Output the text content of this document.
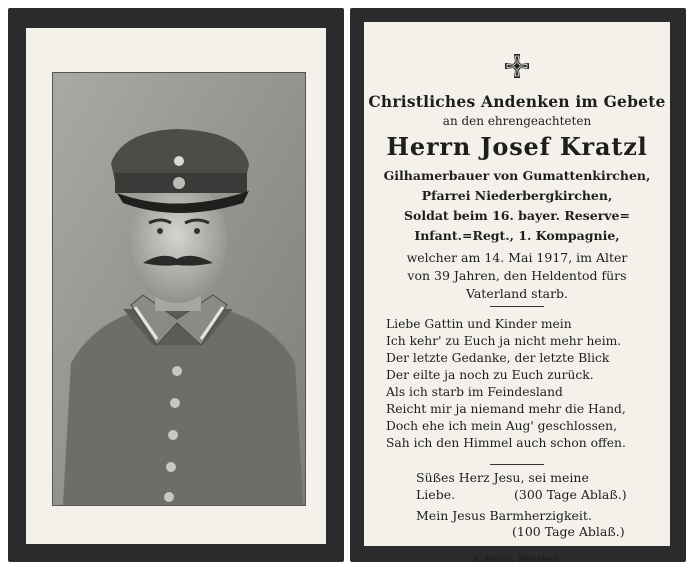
Christliches Andenken im Gebete
an den ehrengeachteten
Herrn Josef Kratzl
Gilhamerbauer von Gumattenkirchen,
Pfarrei Niederbergkirchen,
Soldat beim 16. bayer. Reserve=
Infant.=Regt., 1. Kompagnie,
welcher am 14. Mai 1917, im Alter
von 39 Jahren, den Heldentod fürs
Vaterland starb.
Liebe Gattin und Kinder mein
Ich kehr' zu Euch ja nicht mehr heim.
Der letzte Gedanke, der letzte Blick
Der eilte ja noch zu Euch zurück.
Als ich starb im Feindesland
Reicht mir ja niemand mehr die Hand,
Doch ehe ich mein Aug' geschlossen,
Sah ich den Himmel auch schon offen.
Süßes Herz Jesu, sei meine
Liebe.	(300 Tage Ablaß.)
Mein Jesus Barmherzigkeit.
(100 Tage Ablaß.)
L. Rieder, Mühldorf.
